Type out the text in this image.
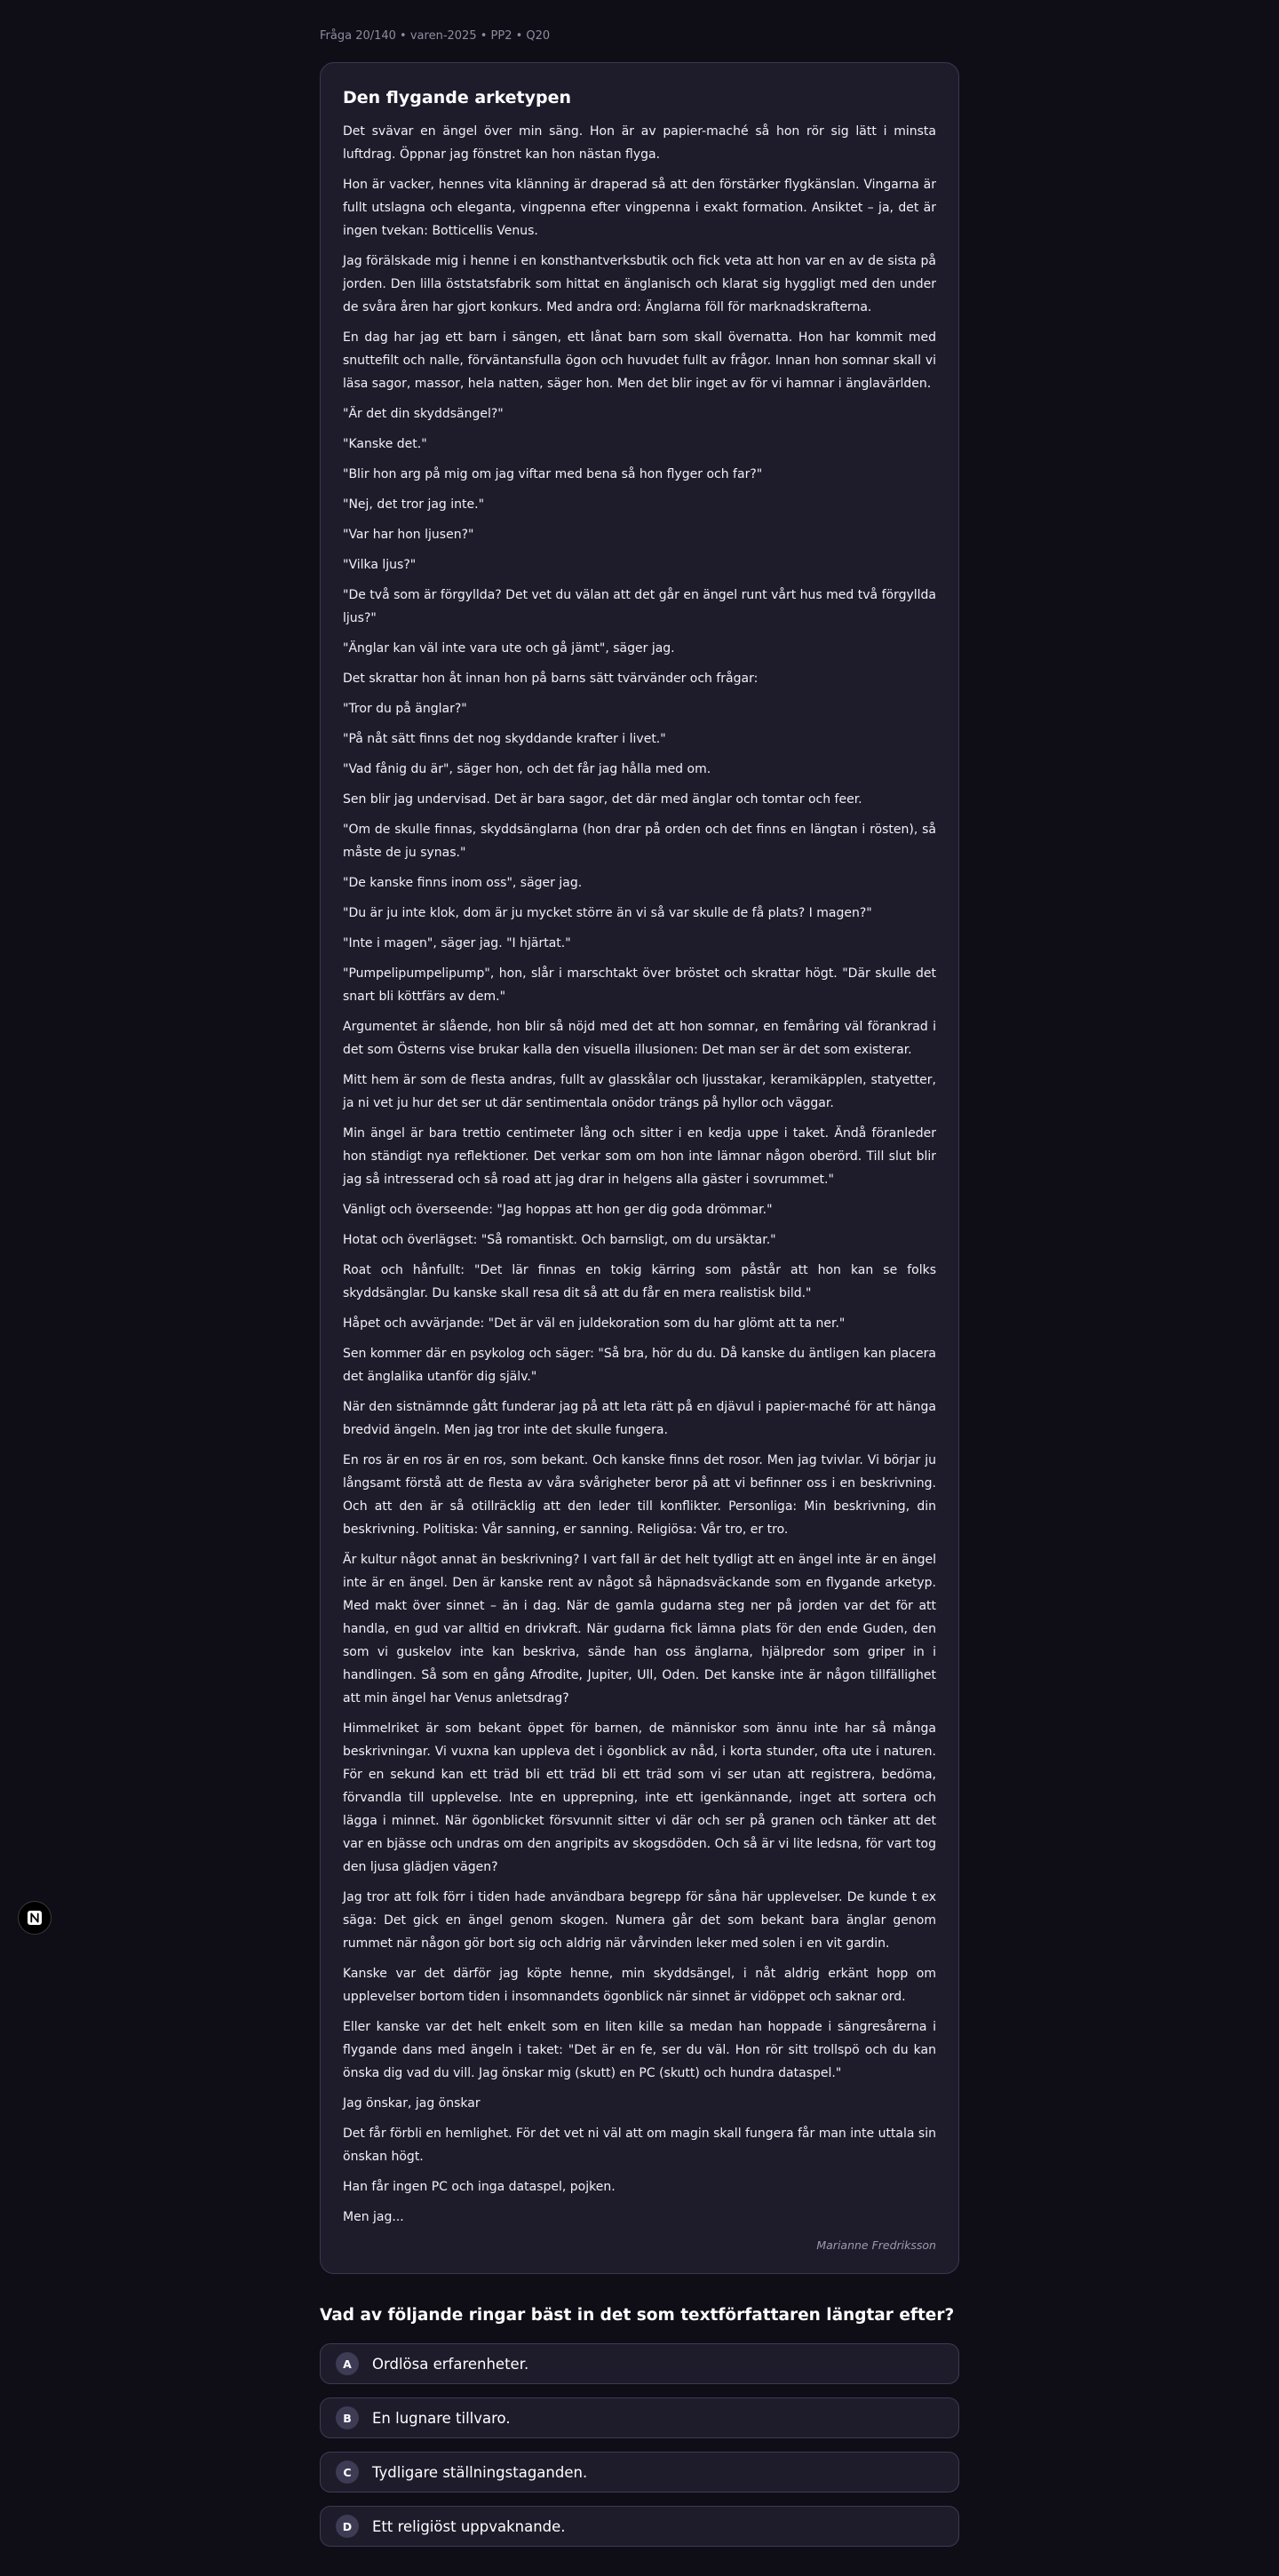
Fråga 20/140 • varen-2025 • PP2 • Q20
Den flygande arketypen

Det svävar en ängel över min säng. Hon är av papier-maché så hon rör sig lätt i minsta luftdrag. Öppnar jag fönstret kan hon nästan flyga.

Hon är vacker, hennes vita klänning är draperad så att den förstärker flygkänslan. Vingarna är fullt utslagna och eleganta, vingpenna efter vingpenna i exakt formation. Ansiktet – ja, det är ingen tvekan: Botticellis Venus.

Jag förälskade mig i henne i en konsthantverksbutik och fick veta att hon var en av de sista på jorden. Den lilla öststatsfabrik som hittat en änglanisch och klarat sig hyggligt med den under de svåra åren har gjort konkurs. Med andra ord: Änglarna föll för marknadskrafterna.

En dag har jag ett barn i sängen, ett lånat barn som skall övernatta. Hon har kommit med snuttefilt och nalle, förväntansfulla ögon och huvudet fullt av frågor. Innan hon somnar skall vi läsa sagor, massor, hela natten, säger hon. Men det blir inget av för vi hamnar i änglavärlden.

"Är det din skyddsängel?"

"Kanske det."

"Blir hon arg på mig om jag viftar med bena så hon flyger och far?"

"Nej, det tror jag inte."

"Var har hon ljusen?"

"Vilka ljus?"

"De två som är förgyllda? Det vet du välan att det går en ängel runt vårt hus med två förgyllda ljus?"

"Änglar kan väl inte vara ute och gå jämt", säger jag.

Det skrattar hon åt innan hon på barns sätt tvärvänder och frågar:

"Tror du på änglar?"

"På nåt sätt finns det nog skyddande krafter i livet."

"Vad fånig du är", säger hon, och det får jag hålla med om.

Sen blir jag undervisad. Det är bara sagor, det där med änglar och tomtar och feer.

"Om de skulle finnas, skyddsänglarna (hon drar på orden och det finns en längtan i rösten), så måste de ju synas."

"De kanske finns inom oss", säger jag.

"Du är ju inte klok, dom är ju mycket större än vi så var skulle de få plats? I magen?"

"Inte i magen", säger jag. "I hjärtat."

"Pumpelipumpelipump", hon, slår i marschtakt över bröstet och skrattar högt. "Där skulle det snart bli köttfärs av dem."

Argumentet är slående, hon blir så nöjd med det att hon somnar, en femåring väl förankrad i det som Österns vise brukar kalla den visuella illusionen: Det man ser är det som existerar.

Mitt hem är som de flesta andras, fullt av glasskålar och ljusstakar, keramikäpplen, statyetter, ja ni vet ju hur det ser ut där sentimentala onödor trängs på hyllor och väggar.

Min ängel är bara trettio centimeter lång och sitter i en kedja uppe i taket. Ändå föranleder hon ständigt nya reflektioner. Det verkar som om hon inte lämnar någon oberörd. Till slut blir jag så intresserad och så road att jag drar in helgens alla gäster i sovrummet."

Vänligt och överseende: "Jag hoppas att hon ger dig goda drömmar."

Hotat och överlägset: "Så romantiskt. Och barnsligt, om du ursäktar."

Roat och hånfullt: "Det lär finnas en tokig kärring som påstår att hon kan se folks skyddsänglar. Du kanske skall resa dit så att du får en mera realistisk bild."

Håpet och avvärjande: "Det är väl en juldekoration som du har glömt att ta ner."

Sen kommer där en psykolog och säger: "Så bra, hör du du. Då kanske du äntligen kan placera det änglalika utanför dig själv."

När den sistnämnde gått funderar jag på att leta rätt på en djävul i papier-maché för att hänga bredvid ängeln. Men jag tror inte det skulle fungera.

En ros är en ros är en ros, som bekant. Och kanske finns det rosor. Men jag tvivlar. Vi börjar ju långsamt förstå att de flesta av våra svårigheter beror på att vi befinner oss i en beskrivning. Och att den är så otillräcklig att den leder till konflikter. Personliga: Min beskrivning, din beskrivning. Politiska: Vår sanning, er sanning. Religiösa: Vår tro, er tro.

Är kultur något annat än beskrivning? I vart fall är det helt tydligt att en ängel inte är en ängel inte är en ängel. Den är kanske rent av något så häpnadsväckande som en flygande arketyp. Med makt över sinnet – än i dag. När de gamla gudarna steg ner på jorden var det för att handla, en gud var alltid en drivkraft. När gudarna fick lämna plats för den ende Guden, den som vi guskelov inte kan beskriva, sände han oss änglarna, hjälpredor som griper in i handlingen. Så som en gång Afrodite, Jupiter, Ull, Oden. Det kanske inte är någon tillfällighet att min ängel har Venus anletsdrag?

Himmelriket är som bekant öppet för barnen, de människor som ännu inte har så många beskrivningar. Vi vuxna kan uppleva det i ögonblick av nåd, i korta stunder, ofta ute i naturen. För en sekund kan ett träd bli ett träd bli ett träd som vi ser utan att registrera, bedöma, förvandla till upplevelse. Inte en upprepning, inte ett igenkännande, inget att sortera och lägga i minnet. När ögonblicket försvunnit sitter vi där och ser på granen och tänker att det var en bjässe och undras om den angripits av skogsdöden. Och så är vi lite ledsna, för vart tog den ljusa glädjen vägen?

Jag tror att folk förr i tiden hade användbara begrepp för såna här upplevelser. De kunde t ex säga: Det gick en ängel genom skogen. Numera går det som bekant bara änglar genom rummet när någon gör bort sig och aldrig när vårvinden leker med solen i en vit gardin.

Kanske var det därför jag köpte henne, min skyddsängel, i nåt aldrig erkänt hopp om upplevelser bortom tiden i insomnandets ögonblick när sinnet är vidöppet och saknar ord.

Eller kanske var det helt enkelt som en liten kille sa medan han hoppade i sängresårerna i flygande dans med ängeln i taket: "Det är en fe, ser du väl. Hon rör sitt trollspö och du kan önska dig vad du vill. Jag önskar mig (skutt) en PC (skutt) och hundra dataspel."

Jag önskar, jag önskar

Det får förbli en hemlighet. För det vet ni väl att om magin skall fungera får man inte uttala sin önskan högt.

Han får ingen PC och inga dataspel, pojken.

Men jag...

Marianne Fredriksson
Vad av följande ringar bäst in det som textförfattaren längtar efter?
A	Ordlösa erfarenheter.
B	En lugnare tillvaro.
C	Tydligare ställningstaganden.
D	Ett religiöst uppvaknande.
